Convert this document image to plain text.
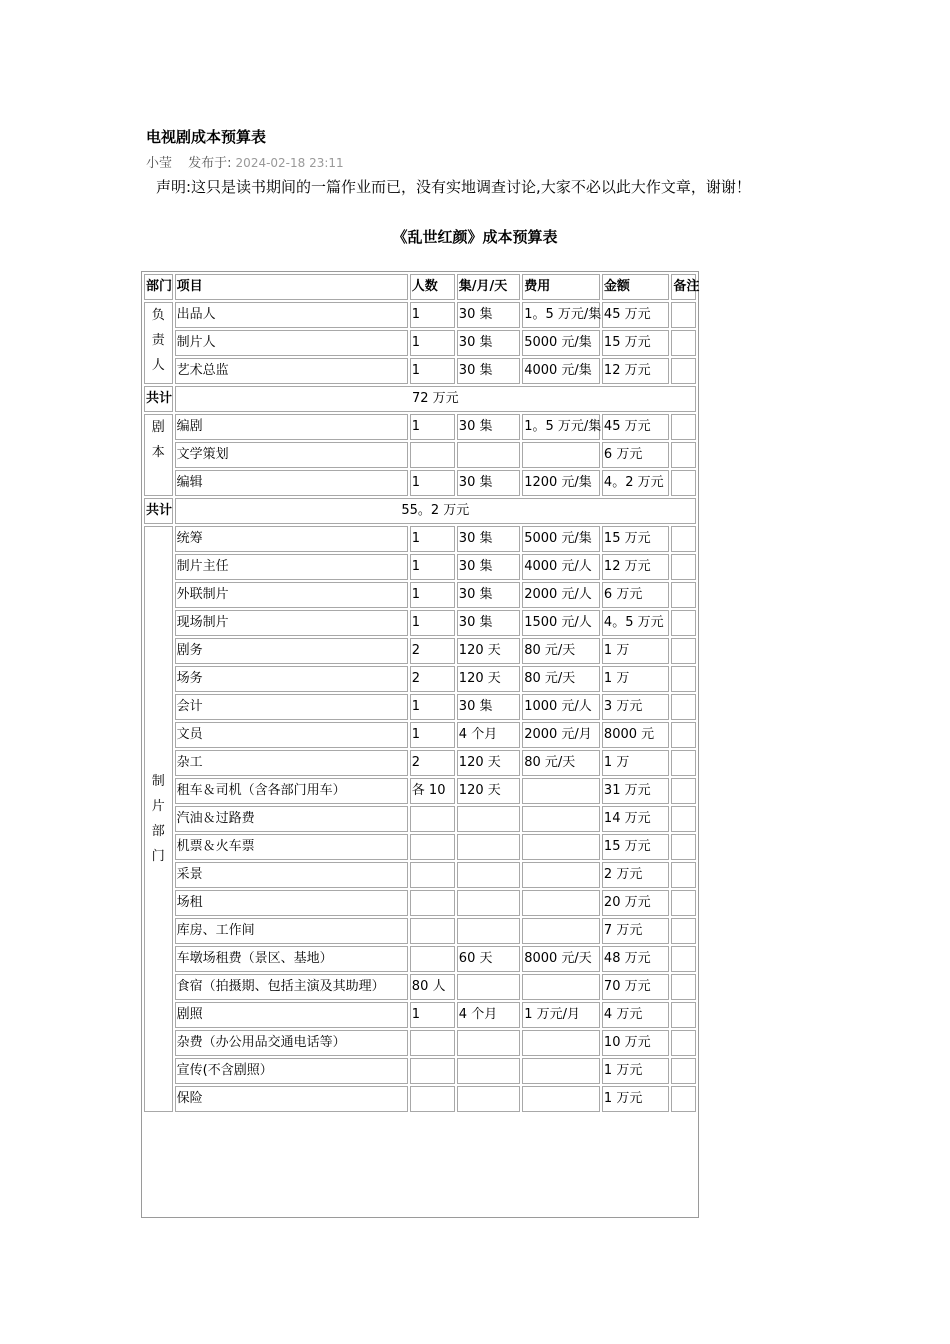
电视剧成本预算表
小莹 发布于: 2024-02-18 23:11
声明:这只是读书期间的一篇作业而已，没有实地调查讨论,大家不必以此大作文章，谢谢！
《乱世红颜》成本预算表
部门	项目	人数	集/月/天	费用	金额	备注
负责人	出品人	1	30 集	1。5 万元/集	45 万元	
	制片人	1	30 集	5000 元/集	15 万元	
	艺术总监	1	30 集	4000 元/集	12 万元	
共计	72 万元					
剧本	编剧	1	30 集	1。5 万元/集	45 万元	
	文学策划				6 万元	
	编辑	1	30 集	1200 元/集	4。2 万元	
共计	55。2 万元					
制片部门	统筹	1	30 集	5000 元/集	15 万元	
	制片主任	1	30 集	4000 元/人	12 万元	
	外联制片	1	30 集	2000 元/人	6 万元	
	现场制片	1	30 集	1500 元/人	4。5 万元	
	剧务	2	120 天	80 元/天	1 万	
	场务	2	120 天	80 元/天	1 万	
	会计	1	30 集	1000 元/人	3 万元	
	文员	1	4 个月	2000 元/月	8000 元	
	杂工	2	120 天	80 元/天	1 万	
	租车＆司机（含各部门用车）	各 10	120 天		31 万元	
	汽油＆过路费				14 万元	
	机票＆火车票				15 万元	
	采景				2 万元	
	场租				20 万元	
	库房、工作间				7 万元	
	车墩场租费（景区、基地）		60 天	8000 元/天	48 万元	
	食宿（拍摄期、包括主演及其助理）	80 人			70 万元	
	剧照	1	4 个月	1 万元/月	4 万元	
	杂费（办公用品交通电话等）				10 万元	
	宣传(不含剧照）				1 万元	
	保险				1 万元	
